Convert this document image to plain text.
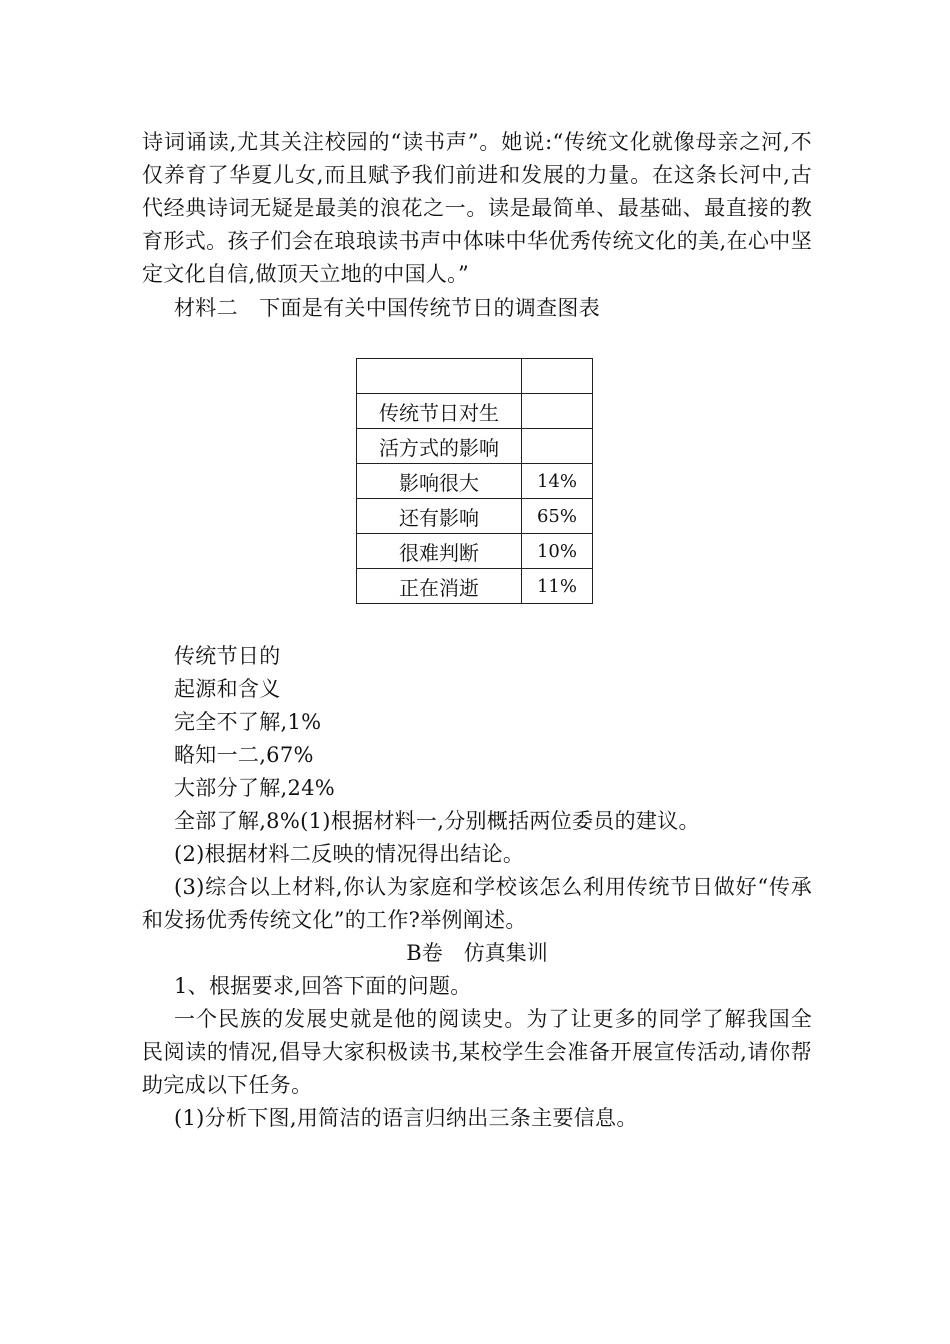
诗词诵读,尤其关注校园的“读书声”。她说:“传统文化就像母亲之河,不仅养育了华夏儿女,而且赋予我们前进和发展的力量。在这条长河中,古代经典诗词无疑是最美的浪花之一。读是最简单、最基础、最直接的教育形式。孩子们会在琅琅读书声中体味中华优秀传统文化的美,在心中坚定文化自信,做顶天立地的中国人。”

材料二　下面是有关中国传统节日的调查图表

传统节日对生	
活方式的影响	
影响很大	14%
还有影响	65%
很难判断	10%
正在消逝	11%

传统节日的

起源和含义

完全不了解,1%

略知一二,67%

大部分了解,24%

全部了解,8%(1)根据材料一,分别概括两位委员的建议。

(2)根据材料二反映的情况得出结论。

(3)综合以上材料,你认为家庭和学校该怎么利用传统节日做好“传承和发扬优秀传统文化”的工作?举例阐述。

B卷　仿真集训

1、根据要求,回答下面的问题。

一个民族的发展史就是他的阅读史。为了让更多的同学了解我国全民阅读的情况,倡导大家积极读书,某校学生会准备开展宣传活动,请你帮助完成以下任务。

(1)分析下图,用简洁的语言归纳出三条主要信息。
